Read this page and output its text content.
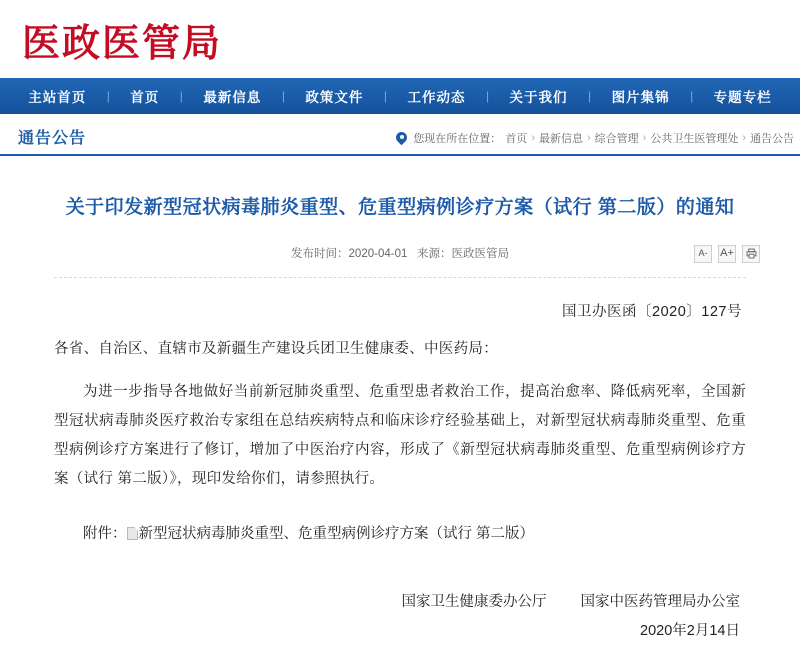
医政医管局
主站首页 | 首页 | 最新信息 | 政策文件 | 工作动态 | 关于我们 | 图片集锦 | 专题专栏
通告公告	您现在所在位置： 首页 › 最新信息 › 综合管理 › 公共卫生医管理处 › 通告公告
关于印发新型冠状病毒肺炎重型、危重型病例诊疗方案（试行 第二版）的通知
发布时间：2020-04-01 来源：医政医管局	A-	A+
国卫办医函〔2020〕127号
各省、自治区、直辖市及新疆生产建设兵团卫生健康委、中医药局：
为进一步指导各地做好当前新冠肺炎重型、危重型患者救治工作，提高治愈率、降低病死率，全国新型冠状病毒肺炎医疗救治专家组在总结疾病特点和临床诊疗经验基础上，对新型冠状病毒肺炎重型、危重型病例诊疗方案进行了修订，增加了中医治疗内容，形成了《新型冠状病毒肺炎重型、危重型病例诊疗方案（试行 第二版）》，现印发给你们，请参照执行。
附件： 新型冠状病毒肺炎重型、危重型病例诊疗方案（试行 第二版）
国家卫生健康委办公厅 国家中医药管理局办公室
2020年2月14日
